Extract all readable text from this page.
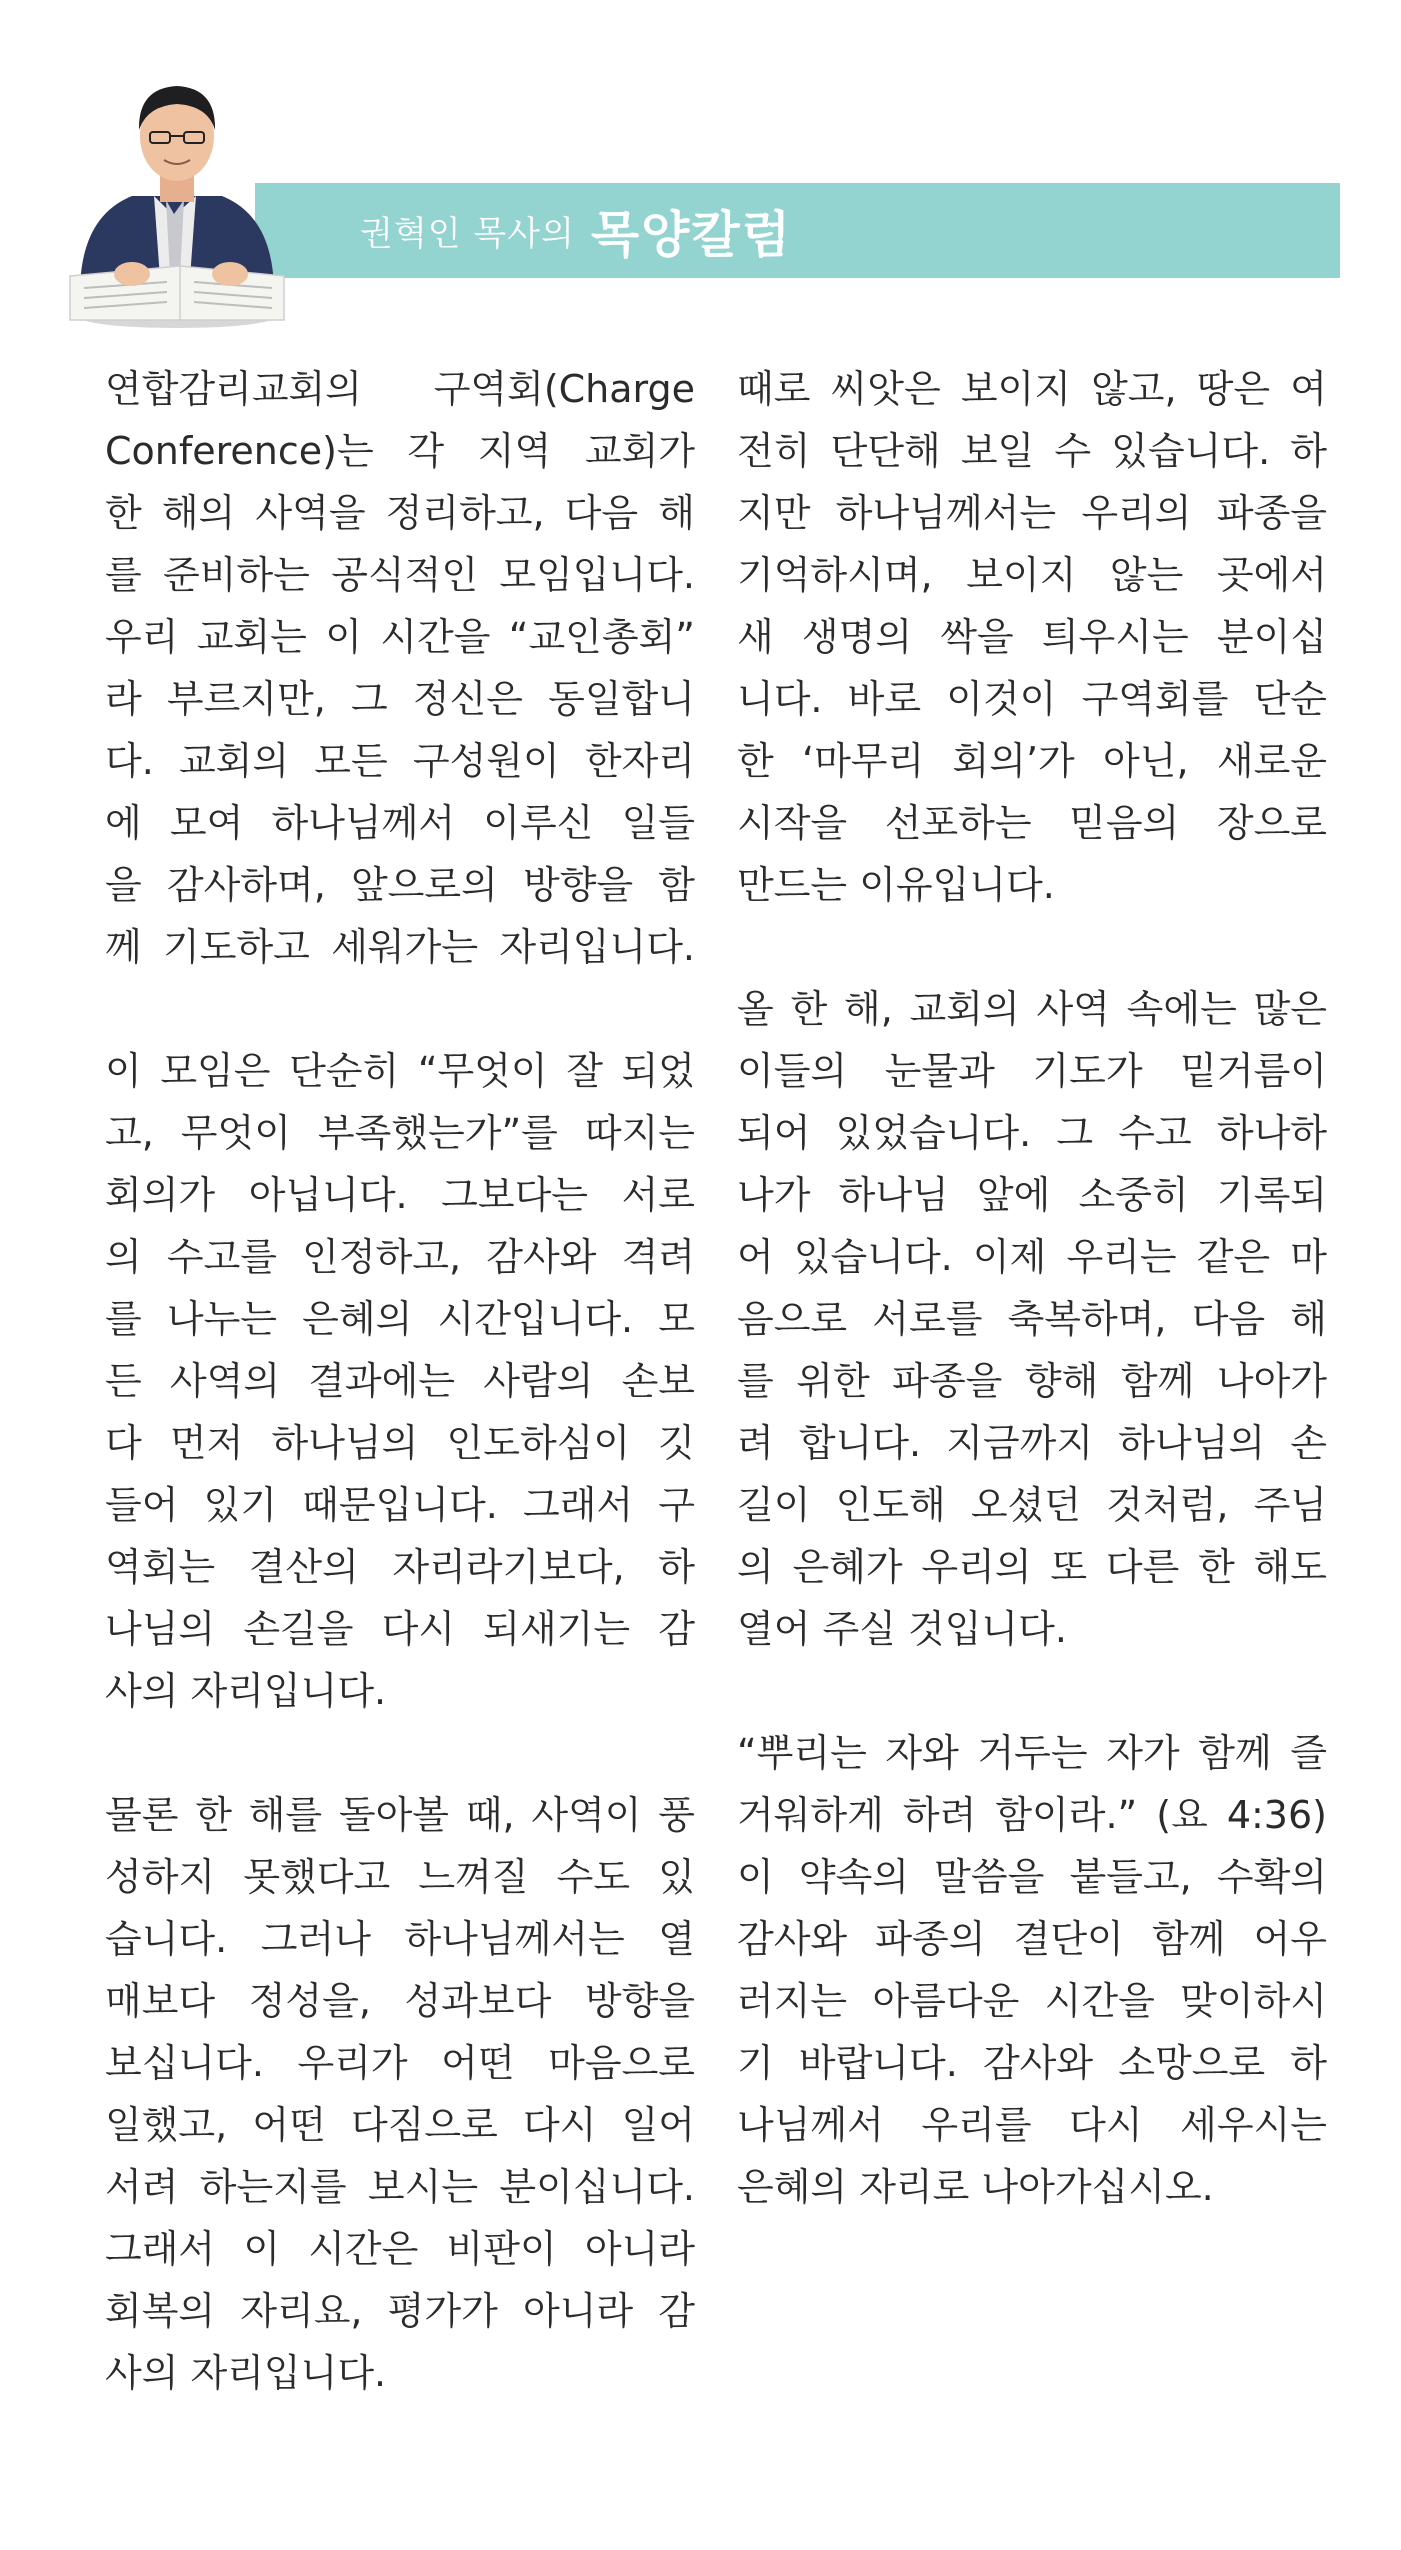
권혁인 목사의 목양칼럼

연합감리교회의 구역회(Charge
Conference)는 각 지역 교회가
한 해의 사역을 정리하고, 다음 해
를 준비하는 공식적인 모임입니다.
우리 교회는 이 시간을 “교인총회”
라 부르지만, 그 정신은 동일합니
다. 교회의 모든 구성원이 한자리
에 모여 하나님께서 이루신 일들
을 감사하며, 앞으로의 방향을 함
께 기도하고 세워가는 자리입니다.

이 모임은 단순히 “무엇이 잘 되었
고, 무엇이 부족했는가”를 따지는
회의가 아닙니다. 그보다는 서로
의 수고를 인정하고, 감사와 격려
를 나누는 은혜의 시간입니다. 모
든 사역의 결과에는 사람의 손보
다 먼저 하나님의 인도하심이 깃
들어 있기 때문입니다. 그래서 구
역회는 결산의 자리라기보다, 하
나님의 손길을 다시 되새기는 감
사의 자리입니다.

물론 한 해를 돌아볼 때, 사역이 풍
성하지 못했다고 느껴질 수도 있
습니다. 그러나 하나님께서는 열
매보다 정성을, 성과보다 방향을
보십니다. 우리가 어떤 마음으로
일했고, 어떤 다짐으로 다시 일어
서려 하는지를 보시는 분이십니다.
그래서 이 시간은 비판이 아니라
회복의 자리요, 평가가 아니라 감
사의 자리입니다.

때로 씨앗은 보이지 않고, 땅은 여
전히 단단해 보일 수 있습니다. 하
지만 하나님께서는 우리의 파종을
기억하시며, 보이지 않는 곳에서
새 생명의 싹을 틔우시는 분이십
니다. 바로 이것이 구역회를 단순
한 ‘마무리 회의’가 아닌, 새로운
시작을 선포하는 믿음의 장으로
만드는 이유입니다.

올 한 해, 교회의 사역 속에는 많은
이들의 눈물과 기도가 밑거름이
되어 있었습니다. 그 수고 하나하
나가 하나님 앞에 소중히 기록되
어 있습니다. 이제 우리는 같은 마
음으로 서로를 축복하며, 다음 해
를 위한 파종을 향해 함께 나아가
려 합니다. 지금까지 하나님의 손
길이 인도해 오셨던 것처럼, 주님
의 은혜가 우리의 또 다른 한 해도
열어 주실 것입니다.

“뿌리는 자와 거두는 자가 함께 즐
거워하게 하려 함이라.” (요 4:36)
이 약속의 말씀을 붙들고, 수확의
감사와 파종의 결단이 함께 어우
러지는 아름다운 시간을 맞이하시
기 바랍니다. 감사와 소망으로 하
나님께서 우리를 다시 세우시는
은혜의 자리로 나아가십시오.
